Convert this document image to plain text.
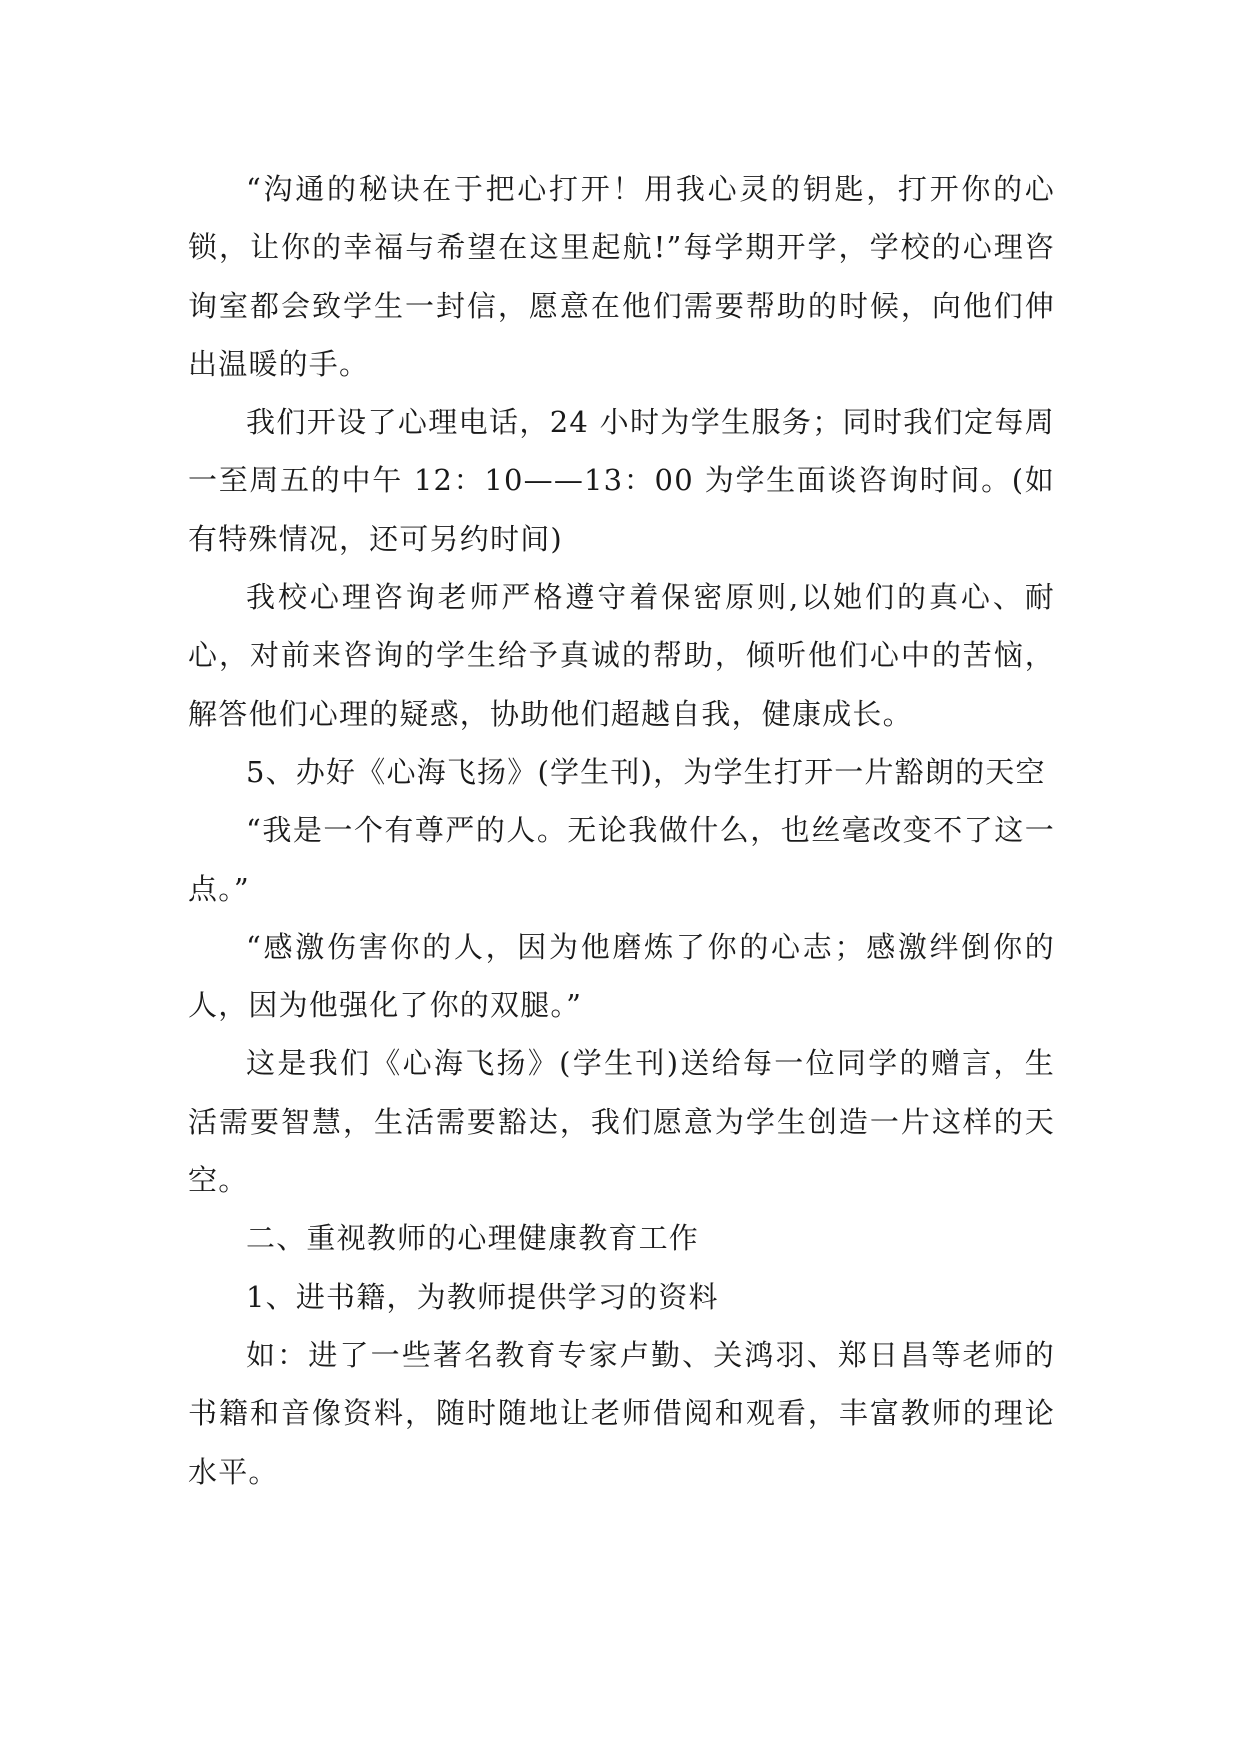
“沟通的秘诀在于把心打开！用我心灵的钥匙，打开你的心锁，让你的幸福与希望在这里起航!”每学期开学，学校的心理咨询室都会致学生一封信，愿意在他们需要帮助的时候，向他们伸出温暖的手。

我们开设了心理电话，24 小时为学生服务；同时我们定每周一至周五的中午 12：10——13：00 为学生面谈咨询时间。(如有特殊情况，还可另约时间)

我校心理咨询老师严格遵守着保密原则,以她们的真心、耐心，对前来咨询的学生给予真诚的帮助，倾听他们心中的苦恼，解答他们心理的疑惑，协助他们超越自我，健康成长。

5、办好《心海飞扬》(学生刊)，为学生打开一片豁朗的天空

“我是一个有尊严的人。无论我做什么，也丝毫改变不了这一点。”

“感激伤害你的人，因为他磨炼了你的心志；感激绊倒你的人，因为他强化了你的双腿。”

这是我们《心海飞扬》(学生刊)送给每一位同学的赠言，生活需要智慧，生活需要豁达，我们愿意为学生创造一片这样的天空。

二、重视教师的心理健康教育工作

1、进书籍，为教师提供学习的资料

如：进了一些著名教育专家卢勤、关鸿羽、郑日昌等老师的书籍和音像资料，随时随地让老师借阅和观看，丰富教师的理论水平。
